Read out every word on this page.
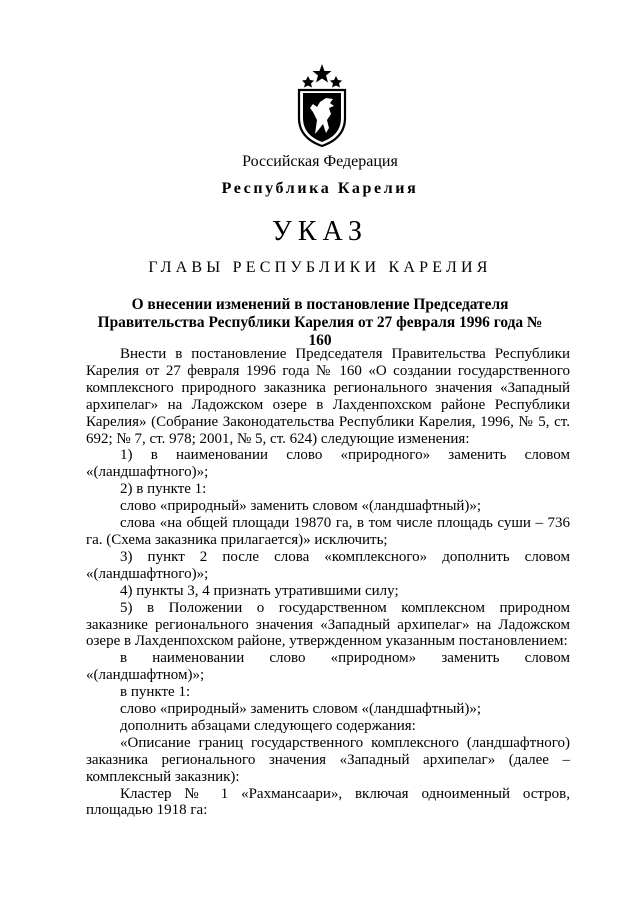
Российская Федерация
Республика Карелия
УКАЗ
ГЛАВЫ РЕСПУБЛИКИ КАРЕЛИЯ
О внесении изменений в постановление Председателя
Правительства Республики Карелия от 27 февраля 1996 года № 160

Внести в постановление Председателя Правительства Республики Карелия от 27 февраля 1996 года № 160 «О создании государственного комплексного природного заказника регионального значения «Западный архипелаг» на Ладожском озере в Лахденпохском районе Республики Карелия» (Собрание Законодательства Республики Карелия, 1996, № 5, ст. 692; № 7, ст. 978; 2001, № 5, ст. 624) следующие изменения:

1) в наименовании слово «природного» заменить словом «(ландшафтного)»;

2) в пункте 1:

слово «природный» заменить словом «(ландшафтный)»;

слова «на общей площади 19870 га, в том числе площадь суши – 736 га. (Схема заказника прилагается)» исключить;

3) пункт 2 после слова «комплексного» дополнить словом «(ландшафтного)»;

4) пункты 3, 4 признать утратившими силу;

5) в Положении о государственном комплексном природном заказнике регионального значения «Западный архипелаг» на Ладожском озере в Лахденпохском районе, утвержденном указанным постановлением:

в наименовании слово «природном» заменить словом «(ландшафтном)»;

в пункте 1:

слово «природный» заменить словом «(ландшафтный)»;

дополнить абзацами следующего содержания:

«Описание границ государственного комплексного (ландшафтного) заказника регионального значения «Западный архипелаг» (далее – комплексный заказник):

Кластер № 1 «Рахмансаари», включая одноименный остров, площадью 1918 га:
